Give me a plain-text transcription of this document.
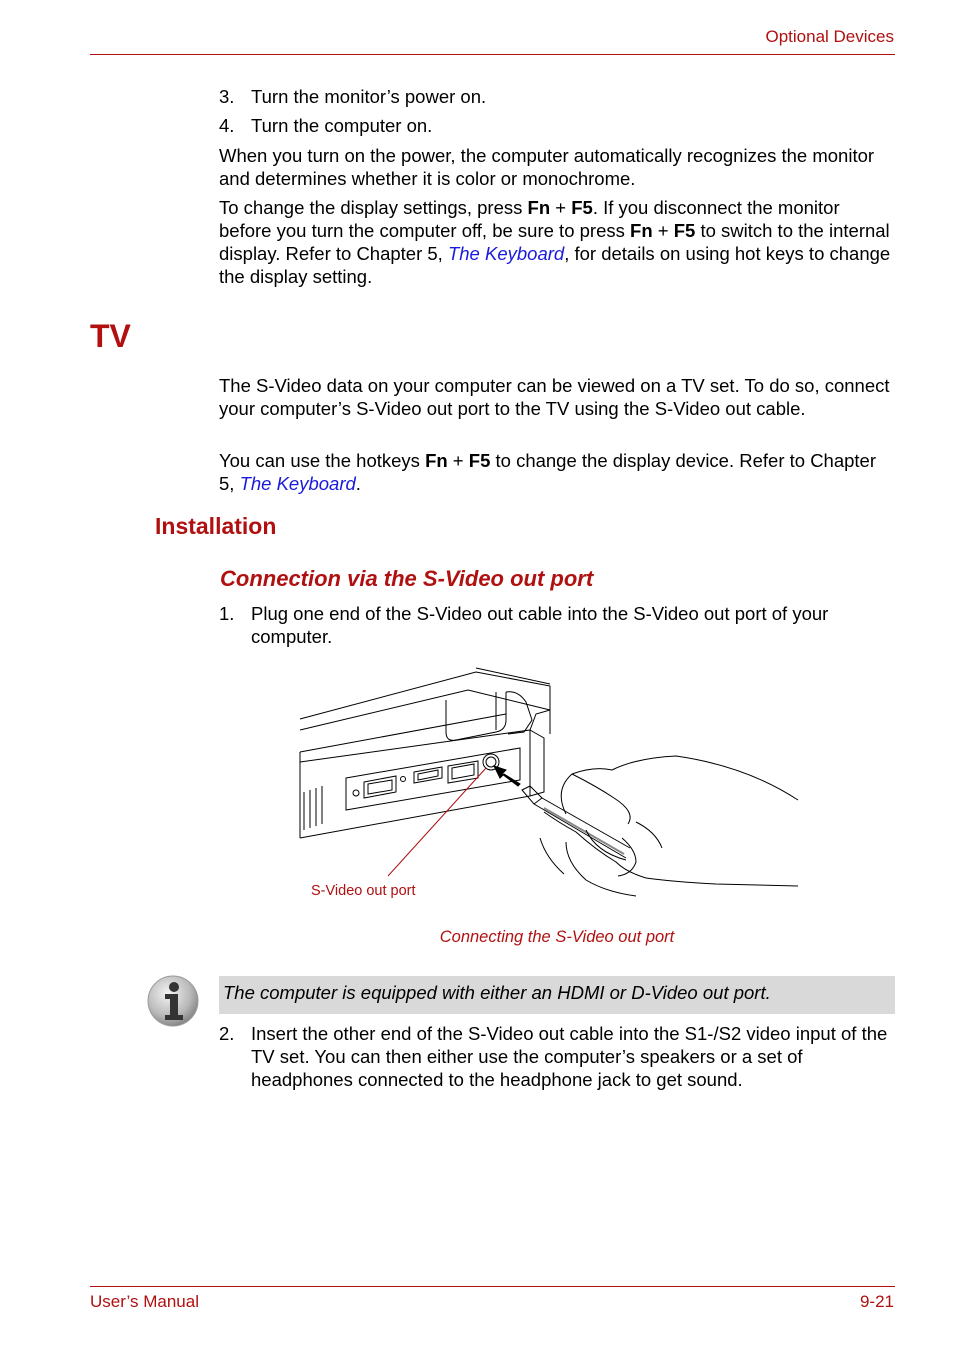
Optional Devices
3. Turn the monitor’s power on.
4. Turn the computer on.
When you turn on the power, the computer automatically recognizes the monitor and determines whether it is color or monochrome.
To change the display settings, press Fn + F5. If you disconnect the monitor before you turn the computer off, be sure to press Fn + F5 to switch to the internal display. Refer to Chapter 5, The Keyboard, for details on using hot keys to change the display setting.
TV
The S-Video data on your computer can be viewed on a TV set. To do so, connect your computer’s S-Video out port to the TV using the S-Video out cable.
You can use the hotkeys Fn + F5 to change the display device. Refer to Chapter 5, The Keyboard.
Installation
Connection via the S-Video out port
1. Plug one end of the S-Video out cable into the S-Video out port of your computer.
S-Video out port
Connecting the S-Video out port
The computer is equipped with either an HDMI or D-Video out port.
2. Insert the other end of the S-Video out cable into the S1-/S2 video input of the TV set. You can then either use the computer’s speakers or a set of headphones connected to the headphone jack to get sound.
User’s Manual	9-21
